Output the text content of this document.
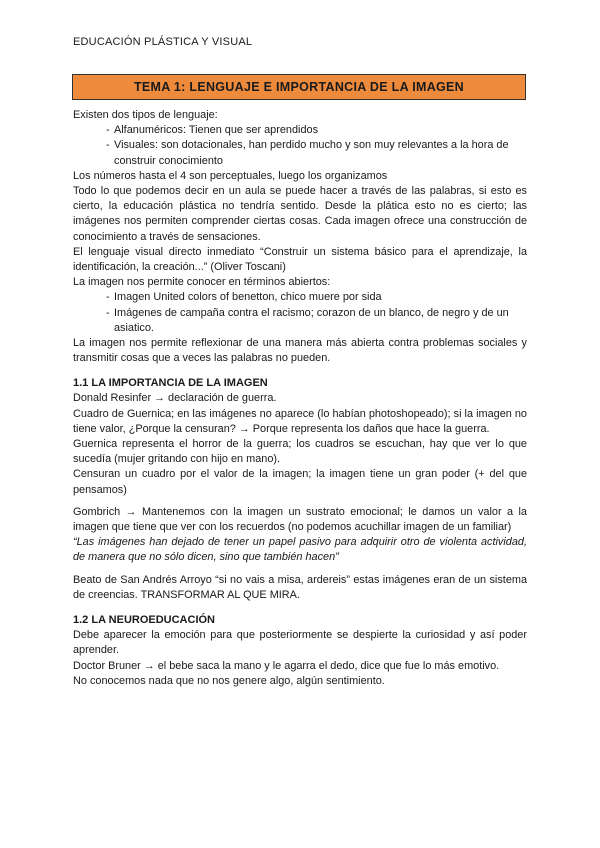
EDUCACIÓN PLÁSTICA Y VISUAL
TEMA 1: LENGUAJE E IMPORTANCIA DE LA IMAGEN

Existen dos tipos de lenguaje:

- Alfanuméricos: Tienen que ser aprendidos
- Visuales: son dotacionales, han perdido mucho y son muy relevantes a la hora de construir conocimiento

Los números hasta el 4 son perceptuales, luego los organizamos

Todo lo que podemos decir en un aula se puede hacer a través de las palabras, si esto es cierto, la educación plástica no tendría sentido. Desde la plática esto no es cierto; las imágenes nos permiten comprender ciertas cosas. Cada imagen ofrece una construcción de conocimiento a través de sensaciones.

El lenguaje visual directo inmediato “Construir un sistema básico para el aprendizaje, la identificación, la creación...” (Oliver Toscani)

La imagen nos permite conocer en términos abiertos:

- Imagen United colors of benetton, chico muere por sida
- Imágenes de campaña contra el racismo; corazon de un blanco, de negro y de un asiatico.

La imagen nos permite reflexionar de una manera más abierta contra problemas sociales y transmitir cosas que a veces las palabras no pueden.

1.1 LA IMPORTANCIA DE LA IMAGEN

Donald Resinfer → declaración de guerra.

Cuadro de Guernica; en las imágenes no aparece (lo habían photoshopeado); si la imagen no tiene valor, ¿Porque la censuran? → Porque representa los daños que hace la guerra.

Guernica representa el horror de la guerra; los cuadros se escuchan, hay que ver lo que sucedía (mujer gritando con hijo en mano).

Censuran un cuadro por el valor de la imagen; la imagen tiene un gran poder (+ del que pensamos)

Gombrich → Mantenemos con la imagen un sustrato emocional; le damos un valor a la imagen que tiene que ver con los recuerdos (no podemos acuchillar imagen de un familiar)

“Las imágenes han dejado de tener un papel pasivo para adquirir otro de violenta actividad, de manera que no sólo dicen, sino que también hacen”

Beato de San Andrés Arroyo “si no vais a misa, ardereis” estas imágenes eran de un sistema de creencias. TRANSFORMAR AL QUE MIRA.

1.2 LA NEUROEDUCACIÓN

Debe aparecer la emoción para que posteriormente se despierte la curiosidad y así poder aprender.

Doctor Bruner → el bebe saca la mano y le agarra el dedo, dice que fue lo más emotivo.

No conocemos nada que no nos genere algo, algún sentimiento.
